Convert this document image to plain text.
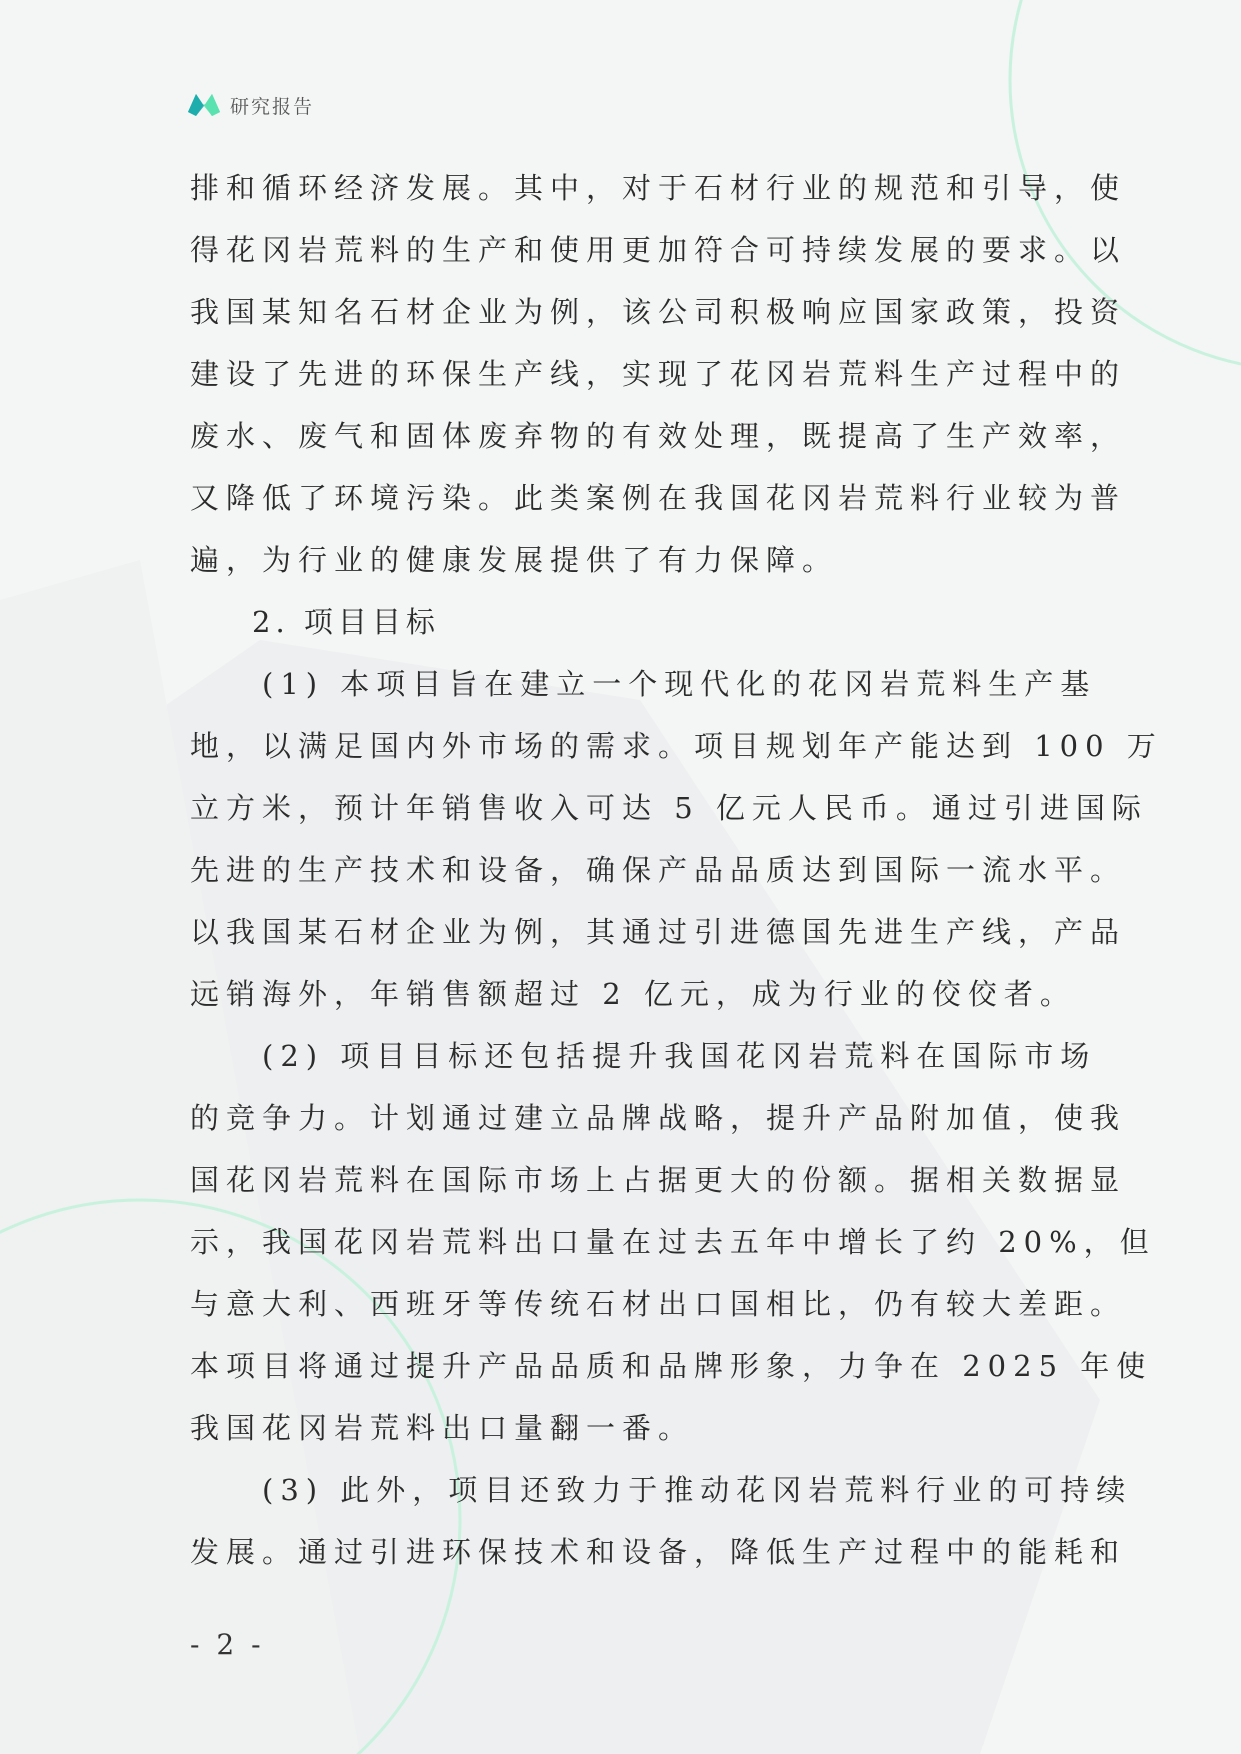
研究报告
排和循环经济发展。其中，对于石材行业的规范和引导，使
得花冈岩荒料的生产和使用更加符合可持续发展的要求。以
我国某知名石材企业为例，该公司积极响应国家政策，投资
建设了先进的环保生产线，实现了花冈岩荒料生产过程中的
废水、废气和固体废弃物的有效处理，既提高了生产效率，
又降低了环境污染。此类案例在我国花冈岩荒料行业较为普
遍，为行业的健康发展提供了有力保障。
2. 项目目标
(1) 本项目旨在建立一个现代化的花冈岩荒料生产基
地，以满足国内外市场的需求。项目规划年产能达到 100 万
立方米，预计年销售收入可达 5 亿元人民币。通过引进国际
先进的生产技术和设备，确保产品品质达到国际一流水平。
以我国某石材企业为例，其通过引进德国先进生产线，产品
远销海外，年销售额超过 2 亿元，成为行业的佼佼者。
(2) 项目目标还包括提升我国花冈岩荒料在国际市场
的竞争力。计划通过建立品牌战略，提升产品附加值，使我
国花冈岩荒料在国际市场上占据更大的份额。据相关数据显
示，我国花冈岩荒料出口量在过去五年中增长了约 20%，但
与意大利、西班牙等传统石材出口国相比，仍有较大差距。
本项目将通过提升产品品质和品牌形象，力争在 2025 年使
我国花冈岩荒料出口量翻一番。
(3) 此外，项目还致力于推动花冈岩荒料行业的可持续
发展。通过引进环保技术和设备，降低生产过程中的能耗和
- 2 -
